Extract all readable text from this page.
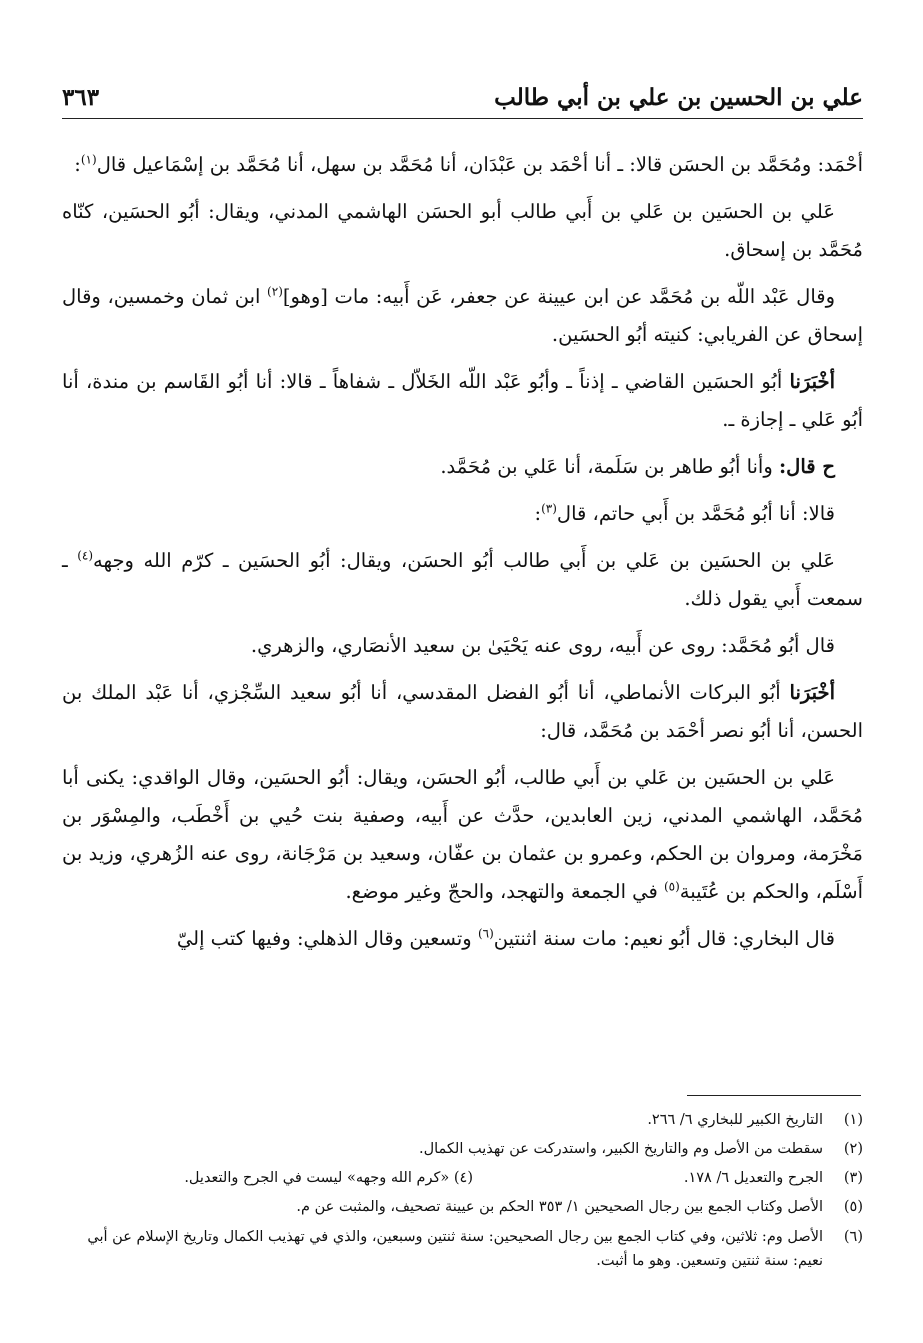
علي بن الحسين بن علي بن أبي طالب
٣٦٣

أحْمَد: ومُحَمَّد بن الحسَن قالا: ـ أنا أحْمَد بن عَبْدَان، أنا مُحَمَّد بن سهل، أنا مُحَمَّد بن إسْمَاعيل قال$^{(١)}$:

عَلي بن الحسَين بن عَلي بن أَبي طالب أبو الحسَن الهاشمي المدني، ويقال: أبُو الحسَين، كنّاه مُحَمَّد بن إسحاق.

وقال عَبْد اللّه بن مُحَمَّد عن ابن عيينة عن جعفر، عَن أَبيه: مات [وهو]$^{(٢)}$ ابن ثمان وخمسين، وقال إسحاق عن الفريابي: كنيته أبُو الحسَين.

أخْبَرَنا أبُو الحسَين القاضي ـ إذناً ـ وأبُو عَبْد اللّه الخَلاّل ـ شفاهاً ـ قالا: أنا أبُو القَاسم بن مندة، أنا أبُو عَلي ـ إجازة ـ.

ح قال: وأنا أبُو طاهر بن سَلَمة، أنا عَلي بن مُحَمَّد.

قالا: أنا أبُو مُحَمَّد بن أَبي حاتم، قال$^{(٣)}$:

عَلي بن الحسَين بن عَلي بن أَبي طالب أبُو الحسَن، ويقال: أبُو الحسَين ـ كرّم الله وجهه$^{(٤)}$ ـ سمعت أَبي يقول ذلك.

قال أبُو مُحَمَّد: روى عن أَبيه، روى عنه يَحْيَىٰ بن سعيد الأنصَاري، والزهري.

أخْبَرَنا أبُو البركات الأنماطي، أنا أبُو الفضل المقدسي، أنا أبُو سعيد السِّجْزي، أنا عَبْد الملك بن الحسن، أنا أبُو نصر أحْمَد بن مُحَمَّد، قال:

عَلي بن الحسَين بن عَلي بن أَبي طالب، أبُو الحسَن، ويقال: أبُو الحسَين، وقال الواقدي: يكنى أبا مُحَمَّد، الهاشمي المدني، زين العابدين، حدَّث عن أَبيه، وصفية بنت حُيي بن أَخْطَب، والمِسْوَر بن مَخْرَمة، ومروان بن الحكم، وعمرو بن عثمان بن عفّان، وسعيد بن مَرْجَانة، روى عنه الزُهري، وزيد بن أَسْلَم، والحكم بن عُتَيبة$^{(٥)}$ في الجمعة والتهجد، والحجّ وغير موضع.

قال البخاري: قال أبُو نعيم: مات سنة اثنتين$^{(٦)}$ وتسعين وقال الذهلي: وفيها كتب إليّ

(١)التاريخ الكبير للبخاري ٦/ ٢٦٦.
(٢)سقطت من الأصل وم والتاريخ الكبير، واستدركت عن تهذيب الكمال.
(٣)الجرح والتعديل ٦/ ١٧٨.
(٤) «كرم الله وجهه» ليست في الجرح والتعديل.
(٥)الأصل وكتاب الجمع بين رجال الصحيحين ١/ ٣٥٣ الحكم بن عيينة تصحيف، والمثبت عن م.
(٦)الأصل وم: ثلاثين، وفي كتاب الجمع بين رجال الصحيحين: سنة ثنتين وسبعين، والذي في تهذيب الكمال وتاريخ الإسلام عن أبي نعيم: سنة ثنتين وتسعين. وهو ما أثبت.
